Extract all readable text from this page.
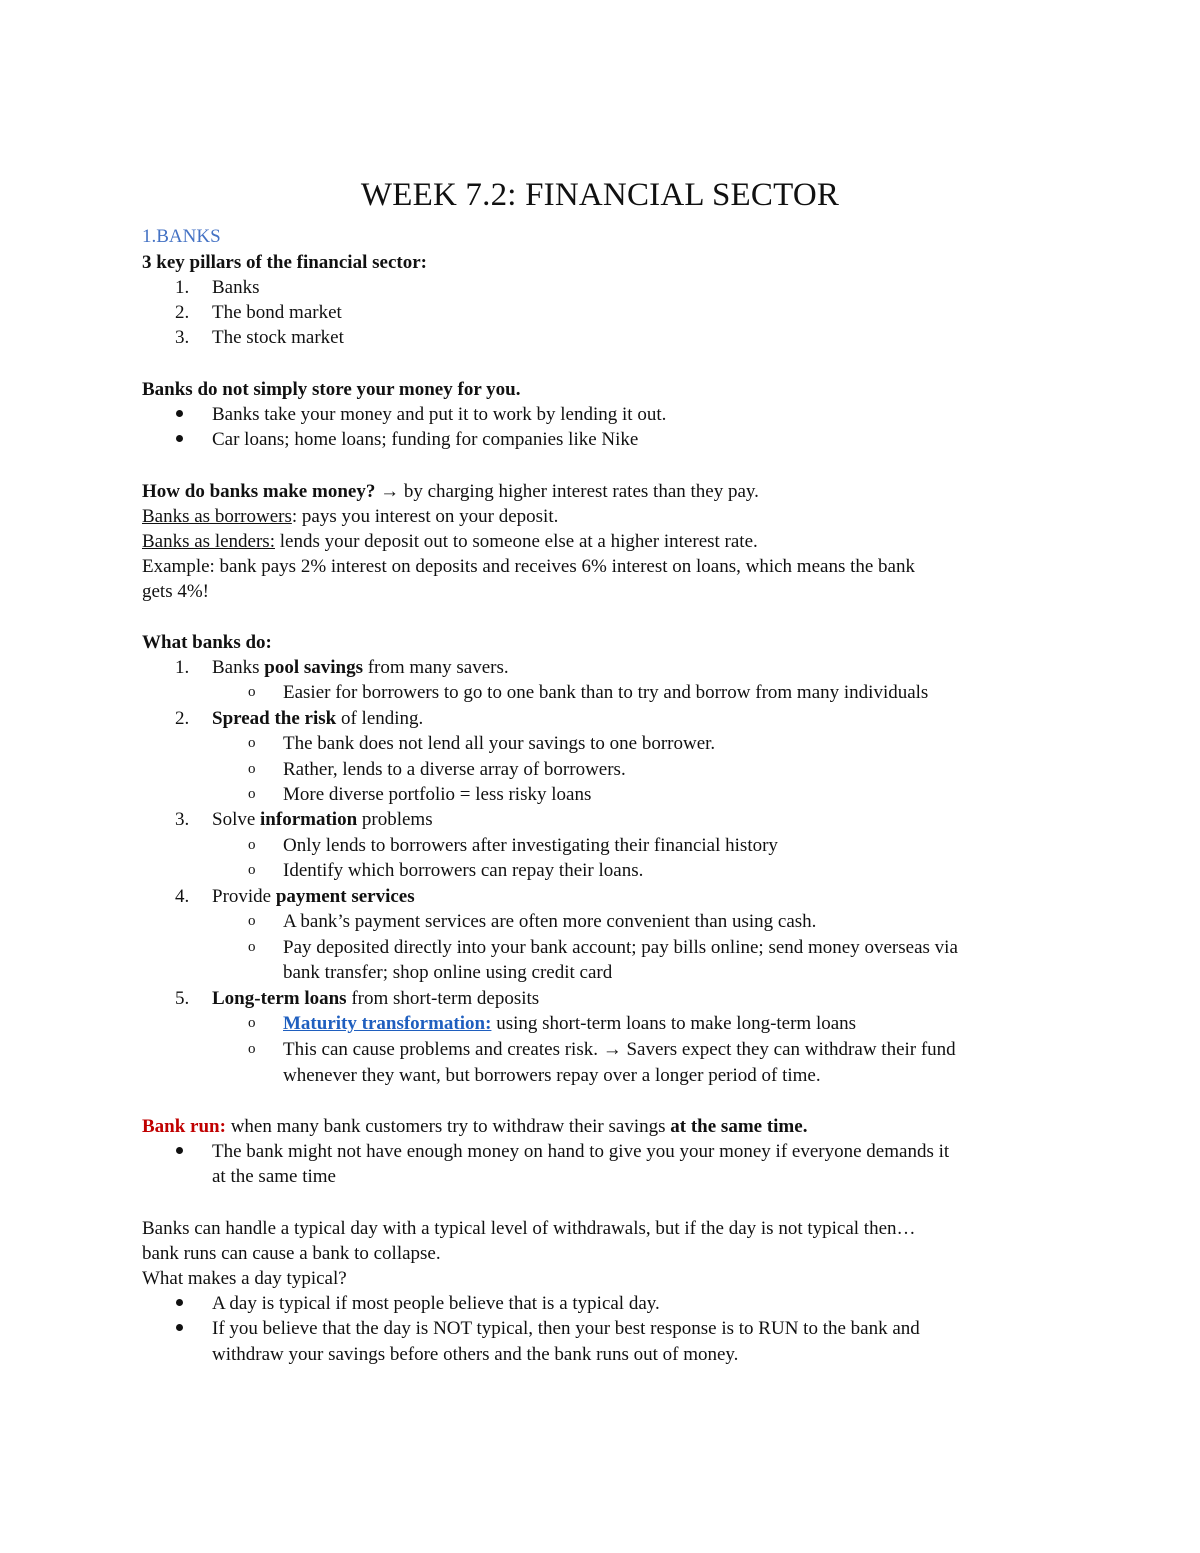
WEEK 7.2: FINANCIAL SECTOR
1.BANKS
3 key pillars of the financial sector:
1. Banks
2. The bond market
3. The stock market
Banks do not simply store your money for you.
Banks take your money and put it to work by lending it out.
Car loans; home loans; funding for companies like Nike
How do banks make money? → by charging higher interest rates than they pay.
Banks as borrowers: pays you interest on your deposit.
Banks as lenders: lends your deposit out to someone else at a higher interest rate.
Example: bank pays 2% interest on deposits and receives 6% interest on loans, which means the bank
gets 4%!
What banks do:
1. Banks pool savings from many savers.
o Easier for borrowers to go to one bank than to try and borrow from many individuals
2. Spread the risk of lending.
o The bank does not lend all your savings to one borrower.
o Rather, lends to a diverse array of borrowers.
o More diverse portfolio = less risky loans
3. Solve information problems
o Only lends to borrowers after investigating their financial history
o Identify which borrowers can repay their loans.
4. Provide payment services
o A bank’s payment services are often more convenient than using cash.
o Pay deposited directly into your bank account; pay bills online; send money overseas via
bank transfer; shop online using credit card
5. Long-term loans from short-term deposits
o Maturity transformation: using short-term loans to make long-term loans
o This can cause problems and creates risk. → Savers expect they can withdraw their fund
whenever they want, but borrowers repay over a longer period of time.
Bank run: when many bank customers try to withdraw their savings at the same time.
The bank might not have enough money on hand to give you your money if everyone demands it
at the same time
Banks can handle a typical day with a typical level of withdrawals, but if the day is not typical then…
bank runs can cause a bank to collapse.
What makes a day typical?
A day is typical if most people believe that is a typical day.
If you believe that the day is NOT typical, then your best response is to RUN to the bank and
withdraw your savings before others and the bank runs out of money.
